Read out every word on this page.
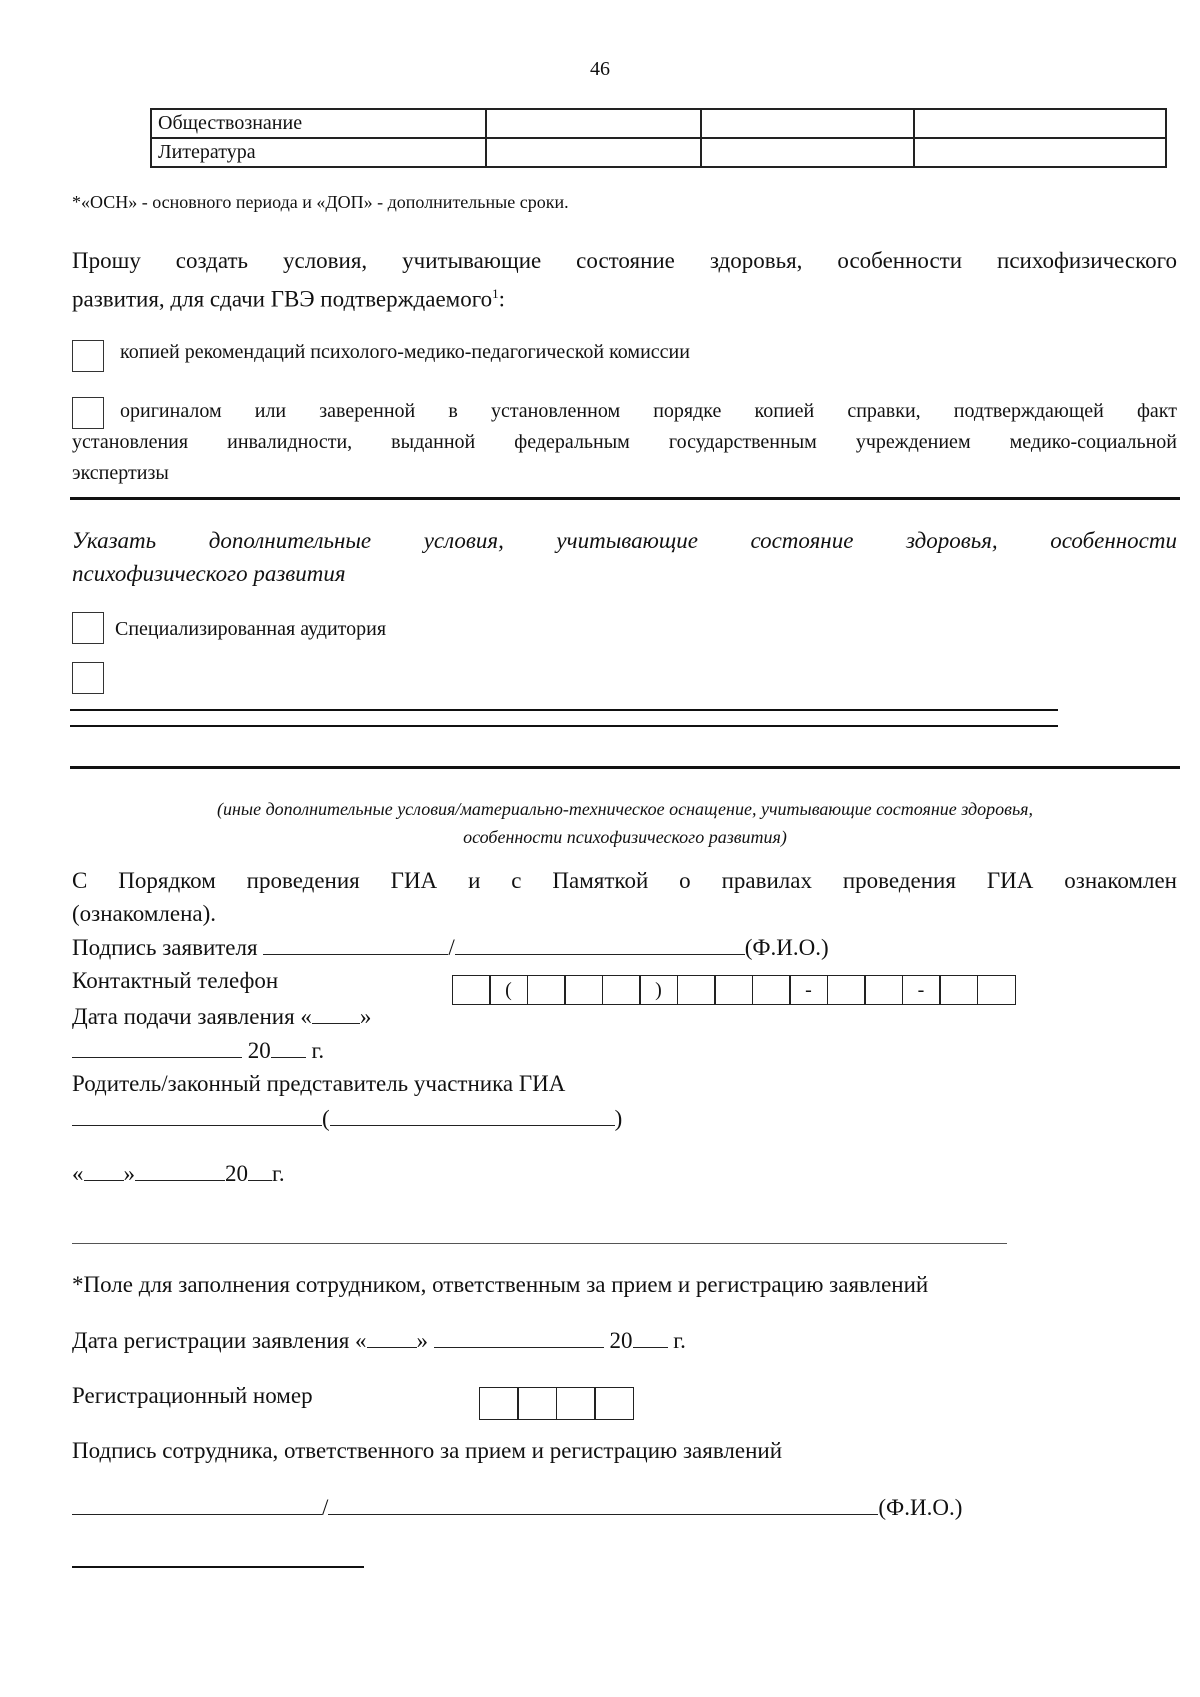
46
Обществознание			
Литература			
*«ОСН» - основного периода и «ДОП» - дополнительные сроки.
Прошу создать условия, учитывающие состояние здоровья, особенности психофизического
развития, для сдачи ГВЭ подтверждаемого$^1$:
копией рекомендаций психолого-медико-педагогической комиссии
оригиналом или заверенной в установленном порядке копией справки, подтверждающей факт
установления инвалидности, выданной федеральным государственным учреждением медико-социальной
экспертизы
Указать дополнительные условия, учитывающие состояние здоровья, особенности
психофизического развития
Специализированная аудитория
(иные дополнительные условия/материально-техническое оснащение, учитывающие состояние здоровья,
особенности психофизического развития)
С Порядком проведения ГИА и с Памяткой о правилах проведения ГИА ознакомлен
(ознакомлена).
Подпись заявителя	/	(Ф.И.О.)
Контактный телефон	(	)	-	-
Дата подачи заявления « »
20 г.
Родитель/законный представитель участника ГИА
(	)
« »	20 г.
*Поле для заполнения сотрудником, ответственным за прием и регистрацию заявлений
Дата регистрации заявления « »	20 г.
Регистрационный номер
Подпись сотрудника, ответственного за прием и регистрацию заявлений
/	(Ф.И.О.)
